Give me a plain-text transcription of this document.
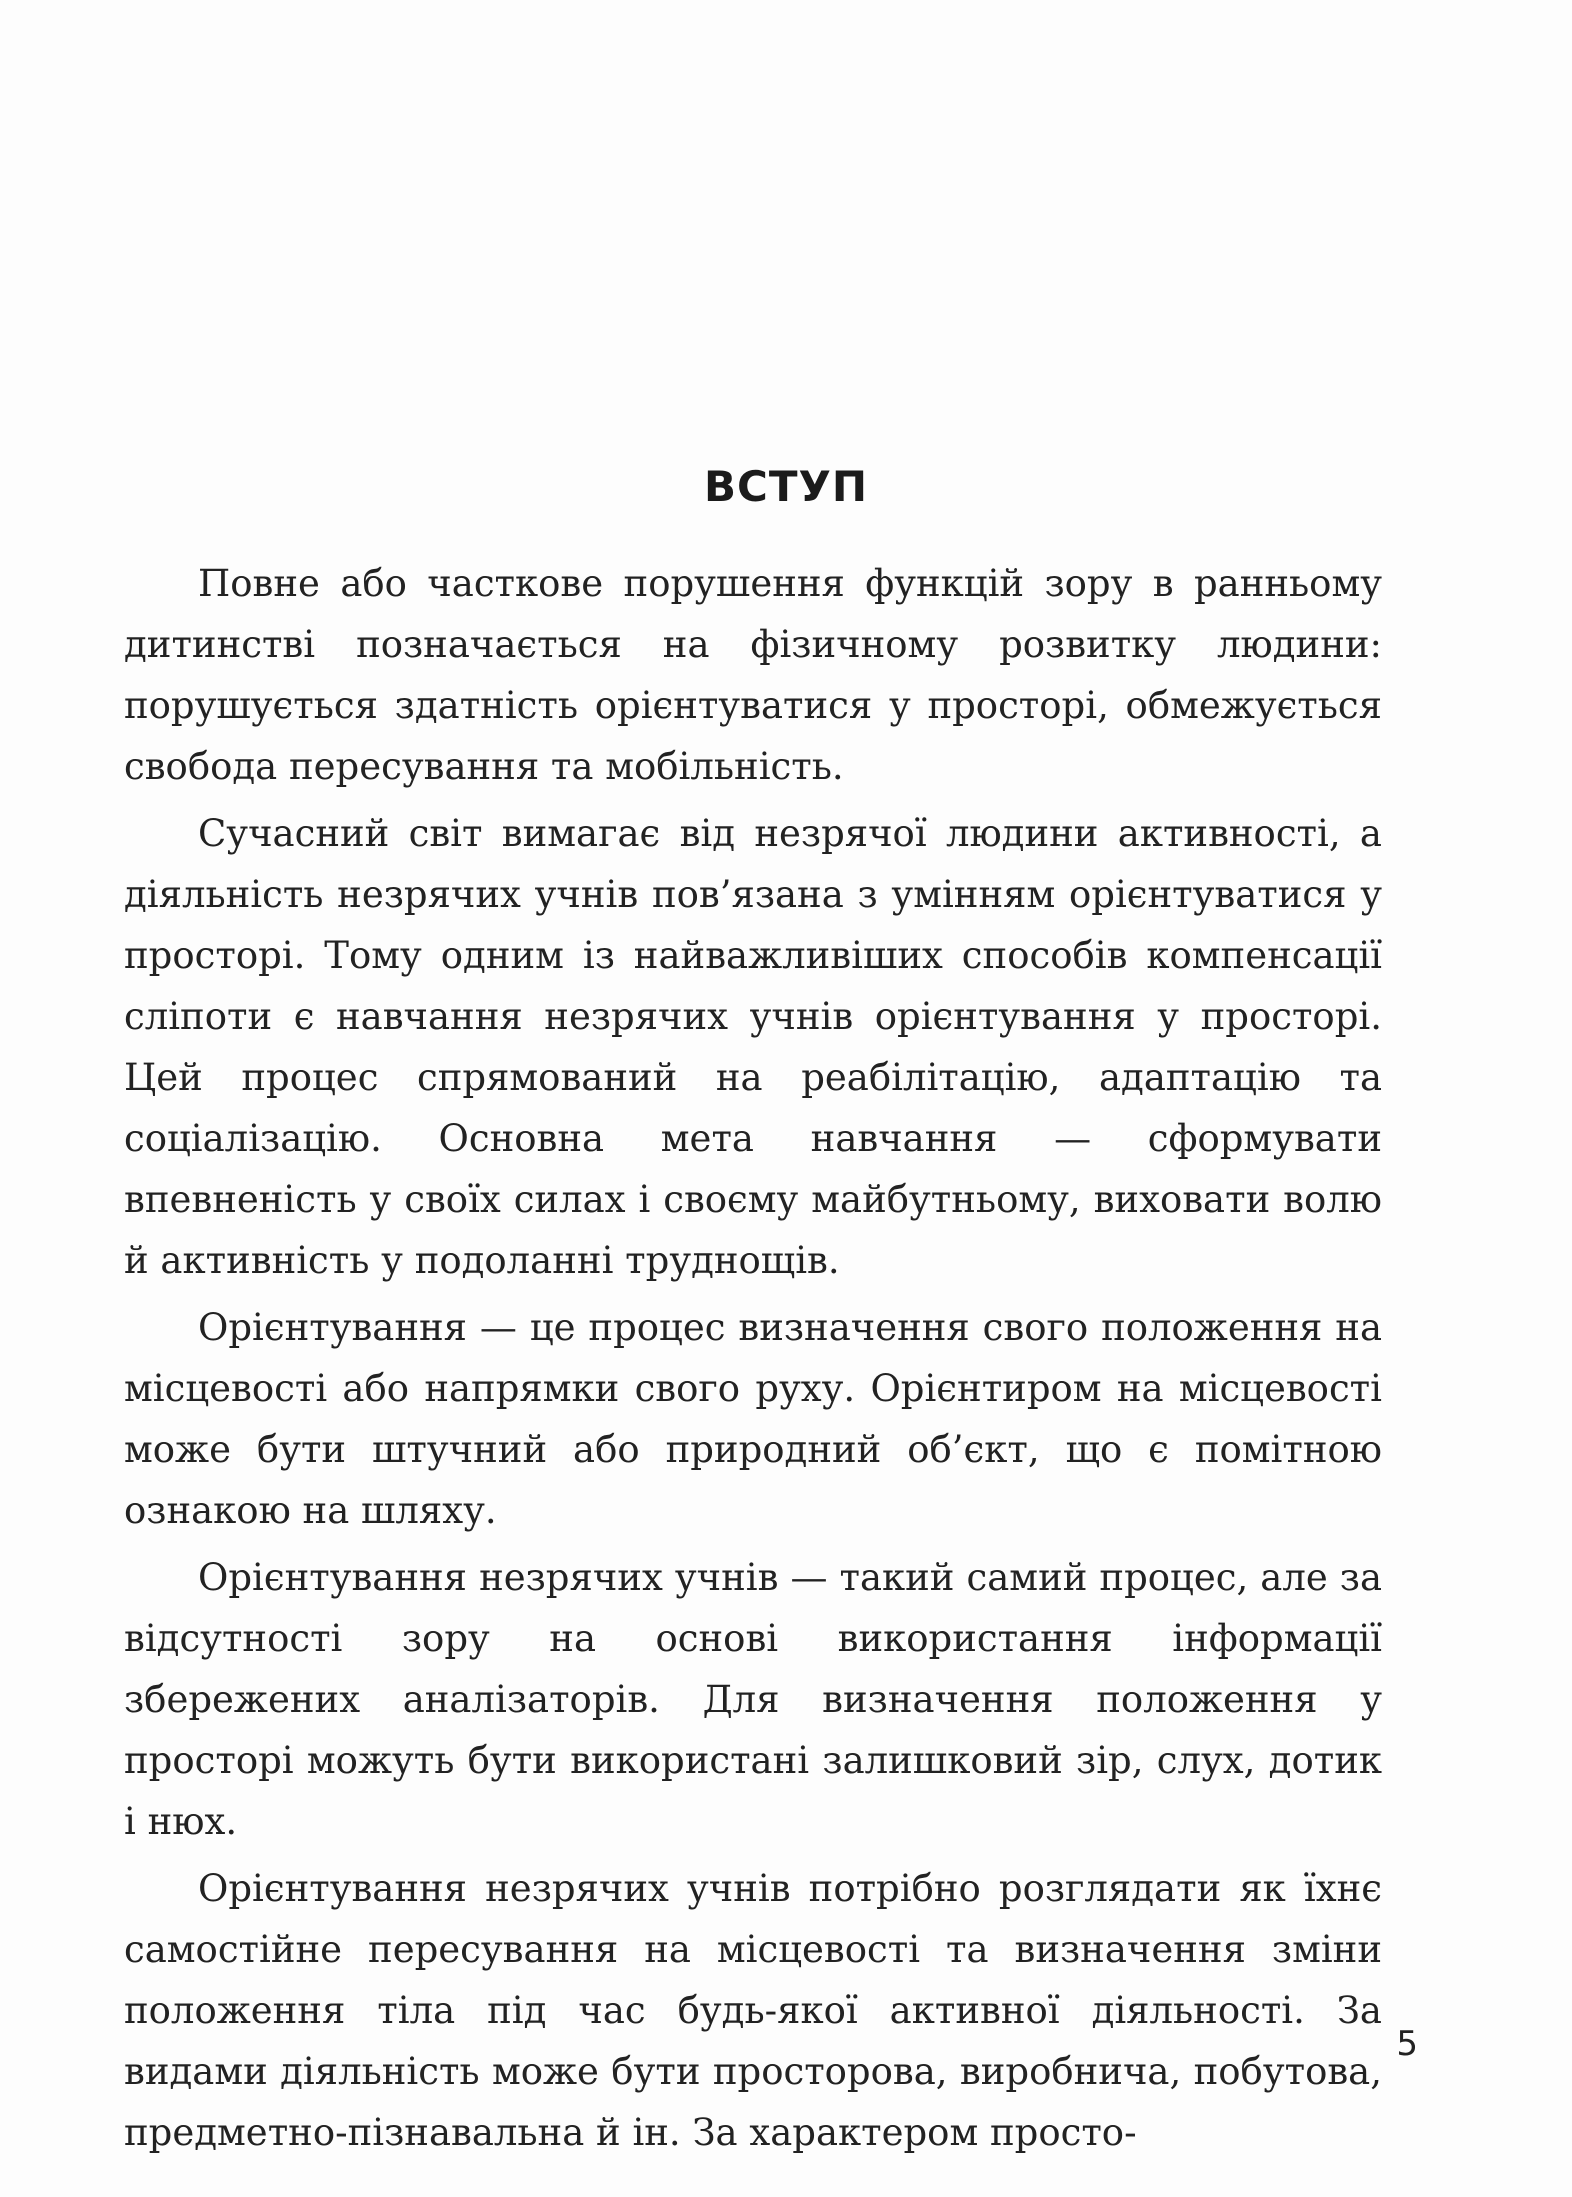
ВСТУП

Повне або часткове порушення функцій зору в ранньому дитинстві позначається на фізичному розвитку людини: порушується здатність орієнтуватися у просторі, обмежується свобода пересування та мобільність.

Сучасний світ вимагає від незрячої людини активності, а діяльність незрячих учнів пов’язана з умінням орієнтуватися у просторі. Тому одним із найважливіших способів компенсації сліпоти є навчання незрячих учнів орієнтування у просторі. Цей процес спрямований на реабілітацію, адаптацію та соціалізацію. Основна мета навчання — сформувати впевненість у своїх силах і своєму майбутньому, виховати волю й активність у подоланні труднощів.

Орієнтування — це процес визначення свого положення на місцевості або напрямки свого руху. Орієнтиром на місцевості може бути штучний або природний об’єкт, що є помітною ознакою на шляху.

Орієнтування незрячих учнів — такий самий процес, але за відсутності зору на основі використання інформації збережених аналізаторів. Для визначення положення у просторі можуть бути використані залишковий зір, слух, дотик і нюх.

Орієнтування незрячих учнів потрібно розглядати як їхнє самостійне пересування на місцевості та визначення зміни положення тіла під час будь-якої активної діяльності. За видами діяльність може бути просторова, виробнича, побутова, предметно-пізнавальна й ін. За характером просто-

5
